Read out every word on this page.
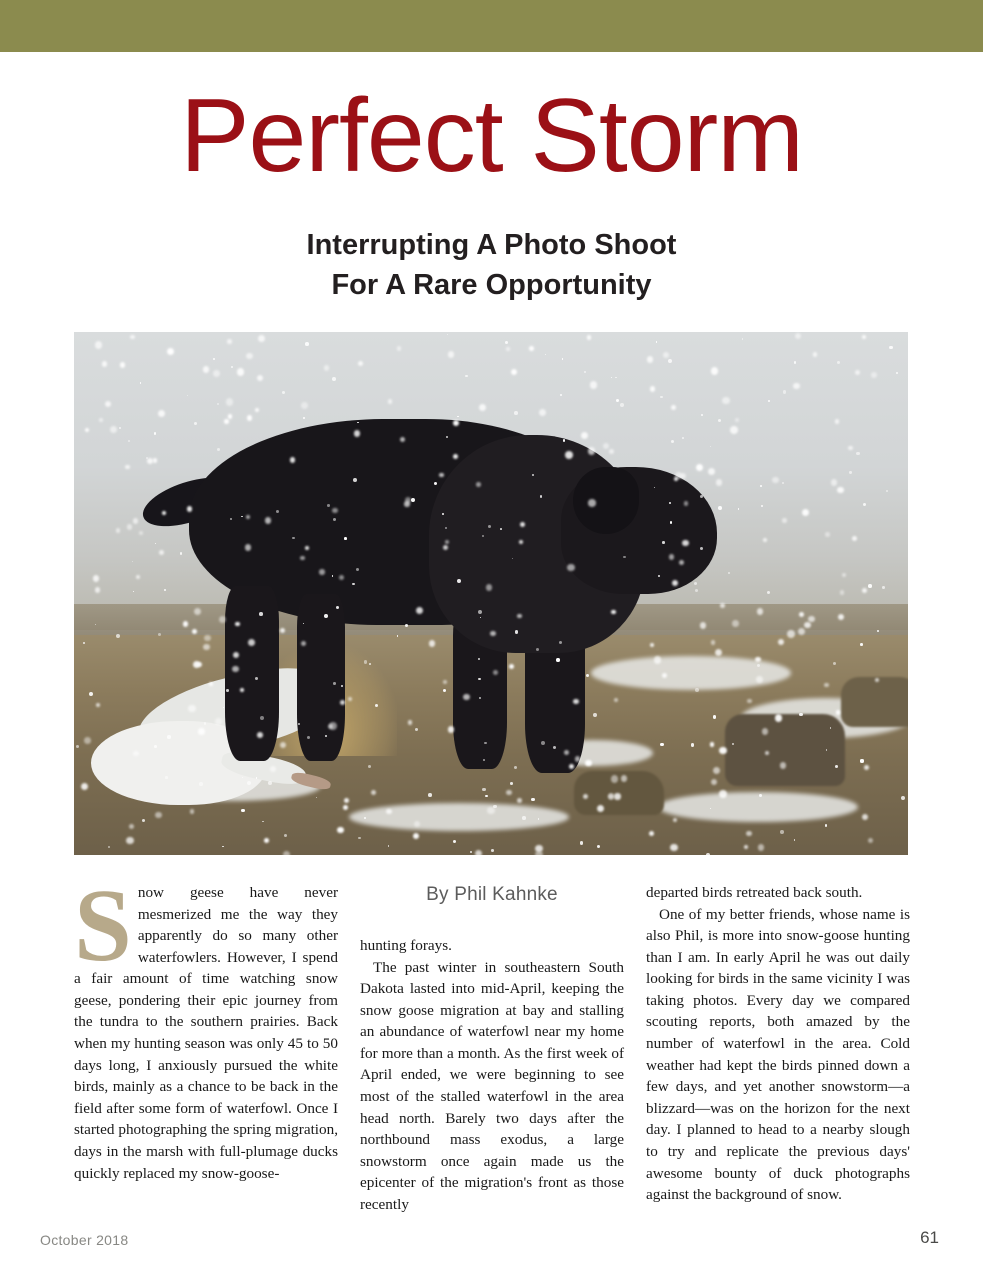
Perfect Storm
Interrupting A Photo Shoot
For A Rare Opportunity
Snow geese have never mesmerized me the way they apparently do so many other waterfowlers. However, I spend a fair amount of time watching snow geese, pondering their epic journey from the tundra to the southern prairies. Back when my hunting season was only 45 to 50 days long, I anxiously pursued the white birds, mainly as a chance to be back in the field after some form of waterfowl. Once I started photographing the spring migration, days in the marsh with full-plumage ducks quickly replaced my snow-goose-
By Phil Kahnke

hunting forays.

The past winter in southeastern South Dakota lasted into mid-April, keeping the snow goose migration at bay and stalling an abundance of waterfowl near my home for more than a month. As the first week of April ended, we were beginning to see most of the stalled waterfowl in the area head north. Barely two days after the northbound mass exodus, a large snowstorm once again made us the epicenter of the migration's front as those recently

departed birds retreated back south.

One of my better friends, whose name is also Phil, is more into snow-goose hunting than I am. In early April he was out daily looking for birds in the same vicinity I was taking photos. Every day we compared scouting reports, both amazed by the number of waterfowl in the area. Cold weather had kept the birds pinned down a few days, and yet another snowstorm—a blizzard—was on the horizon for the next day. I planned to head to a nearby slough to try and replicate the previous days' awesome bounty of duck photographs against the background of snow.

October 2018	61
